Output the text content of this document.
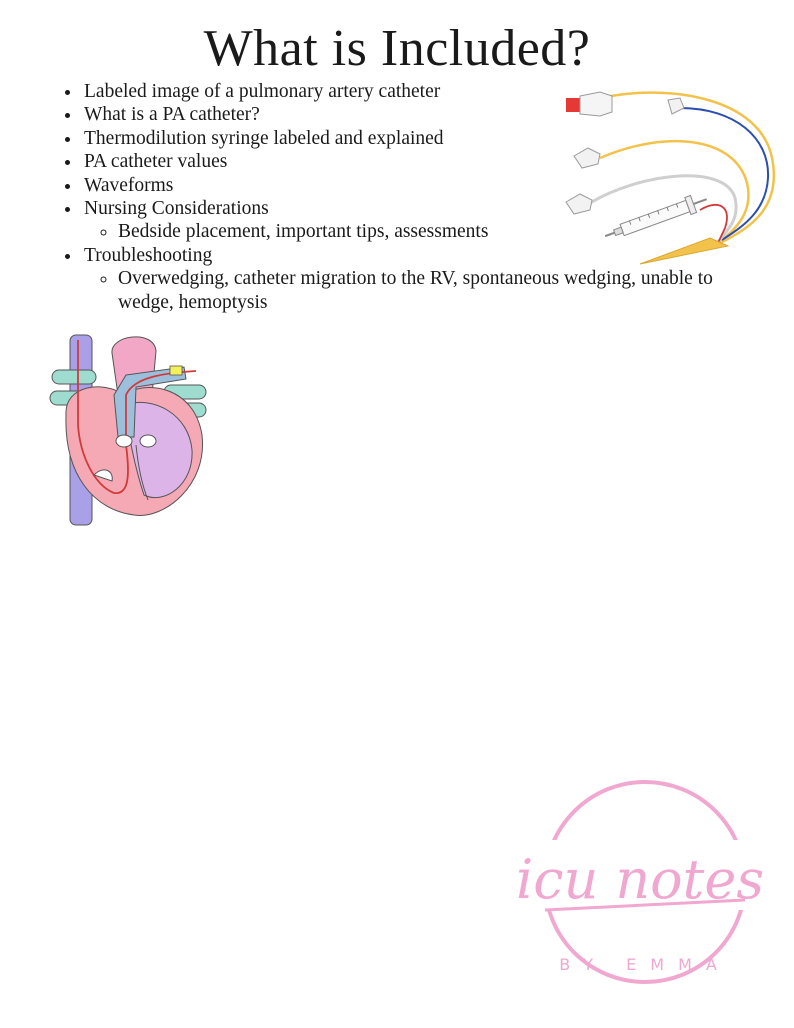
What is Included?
• Labeled image of a pulmonary artery catheter
• What is a PA catheter?
• Thermodilution syringe labeled and explained
• PA catheter values
• Waveforms
• Nursing Considerations
◦ Bedside placement, important tips, assessments
• Troubleshooting
◦ Overwedging, catheter migration to the RV, spontaneous wedging, unable to wedge, hemoptysis
icu notes
BY EMMA
